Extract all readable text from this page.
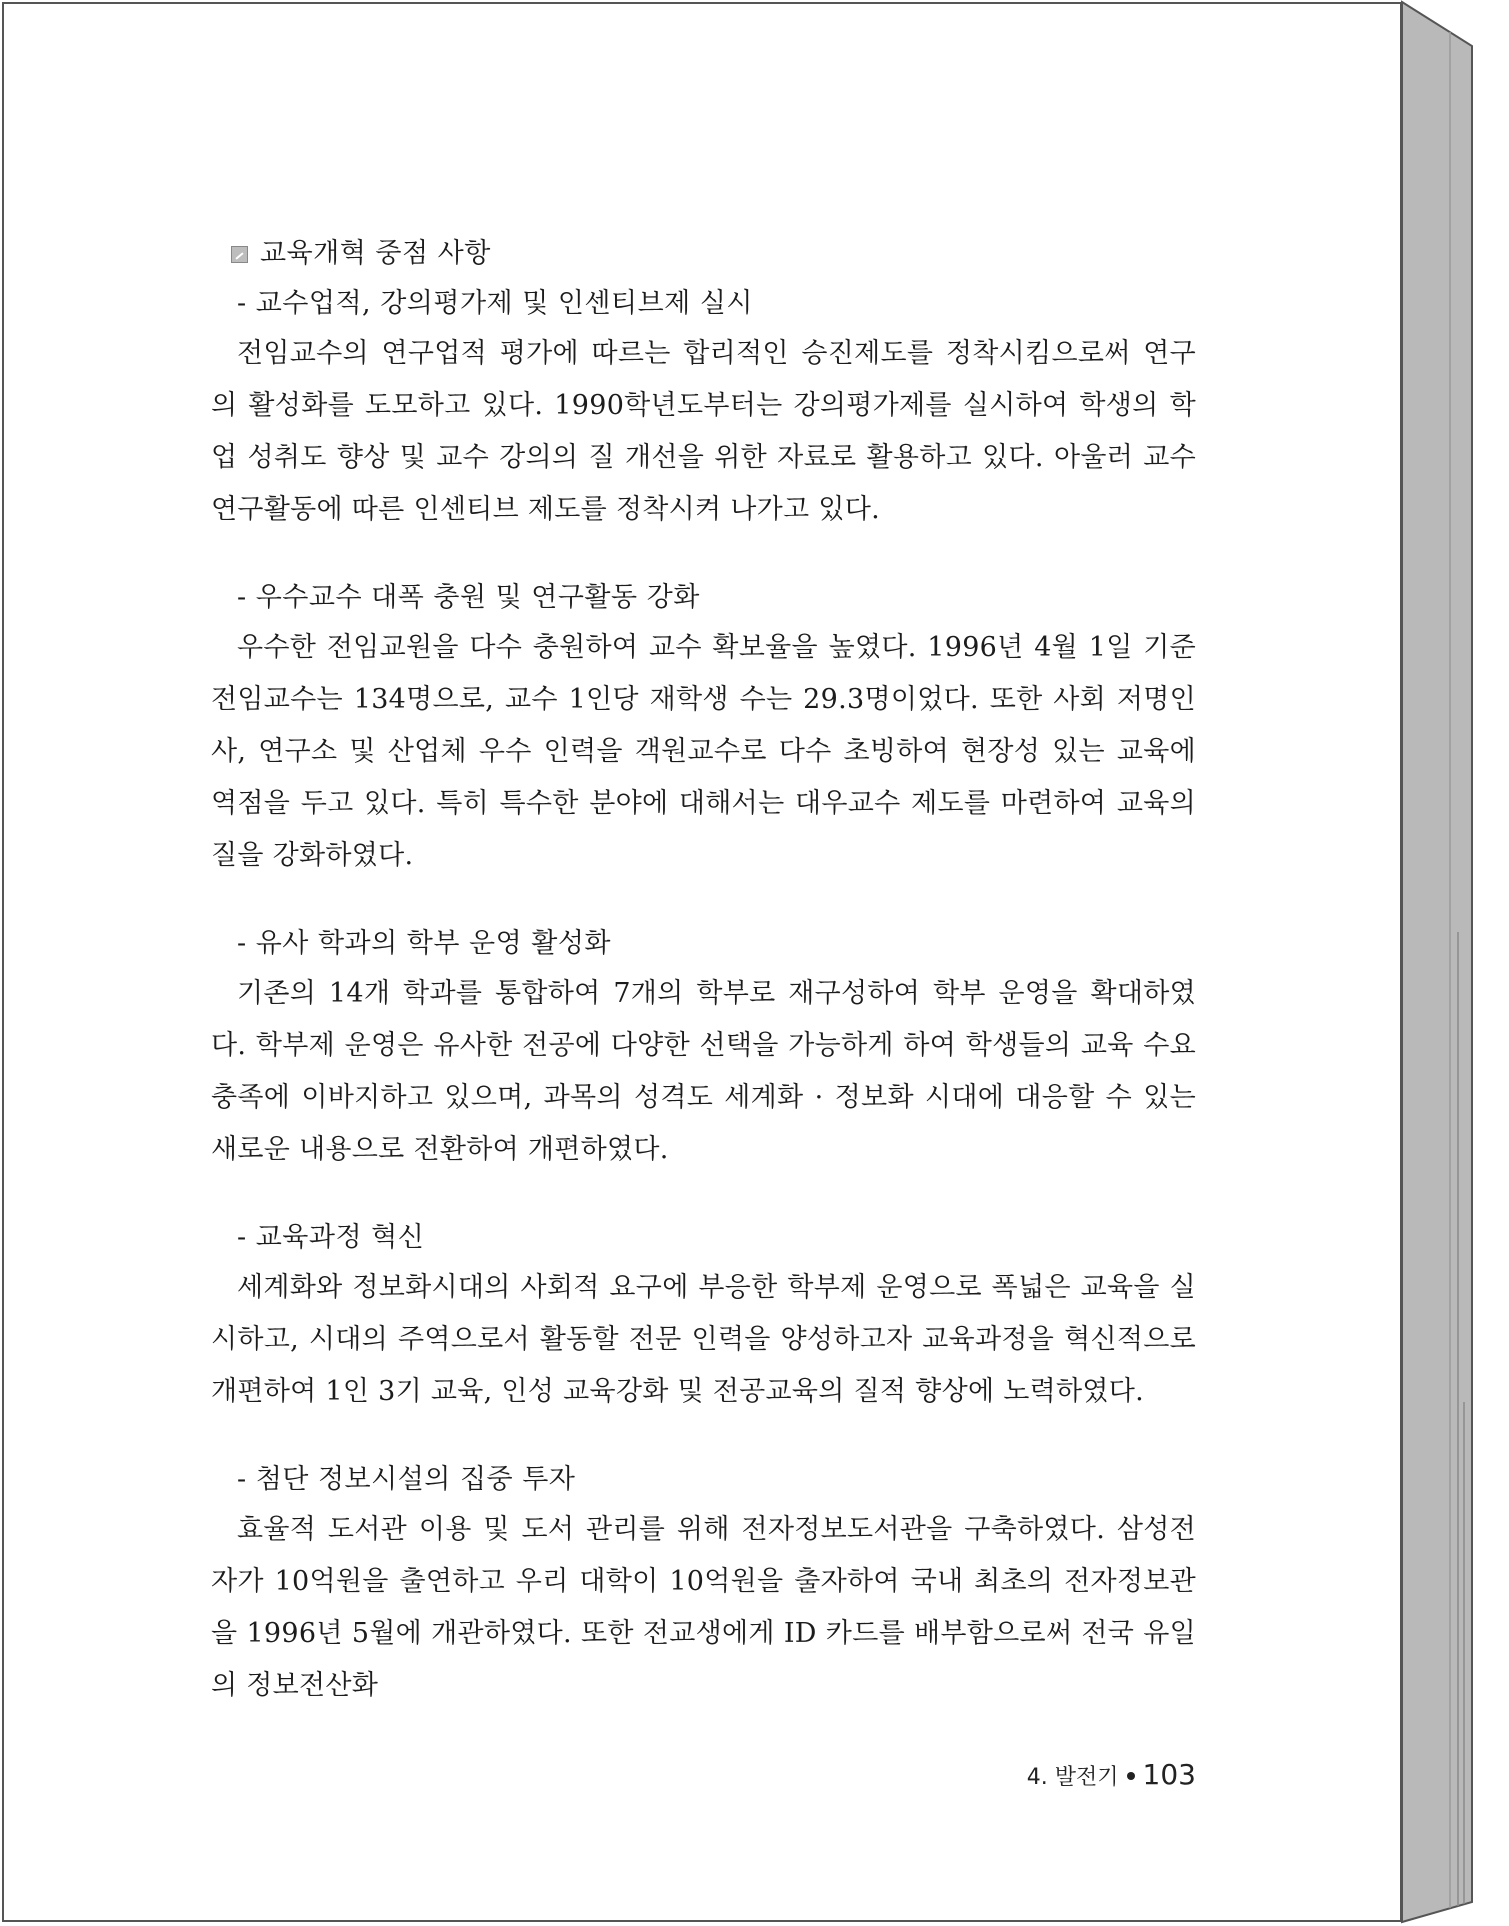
교육개혁 중점 사항

- 교수업적, 강의평가제 및 인센티브제 실시

전임교수의 연구업적 평가에 따르는 합리적인 승진제도를 정착시킴으로써 연구의 활성화를 도모하고 있다. 1990학년도부터는 강의평가제를 실시하여 학생의 학업 성취도 향상 및 교수 강의의 질 개선을 위한 자료로 활용하고 있다. 아울러 교수연구활동에 따른 인센티브 제도를 정착시켜 나가고 있다.

- 우수교수 대폭 충원 및 연구활동 강화

우수한 전임교원을 다수 충원하여 교수 확보율을 높였다. 1996년 4월 1일 기준 전임교수는 134명으로, 교수 1인당 재학생 수는 29.3명이었다. 또한 사회 저명인사, 연구소 및 산업체 우수 인력을 객원교수로 다수 초빙하여 현장성 있는 교육에 역점을 두고 있다. 특히 특수한 분야에 대해서는 대우교수 제도를 마련하여 교육의 질을 강화하였다.

- 유사 학과의 학부 운영 활성화

기존의 14개 학과를 통합하여 7개의 학부로 재구성하여 학부 운영을 확대하였다. 학부제 운영은 유사한 전공에 다양한 선택을 가능하게 하여 학생들의 교육 수요 충족에 이바지하고 있으며, 과목의 성격도 세계화 · 정보화 시대에 대응할 수 있는 새로운 내용으로 전환하여 개편하였다.

- 교육과정 혁신

세계화와 정보화시대의 사회적 요구에 부응한 학부제 운영으로 폭넓은 교육을 실시하고, 시대의 주역으로서 활동할 전문 인력을 양성하고자 교육과정을 혁신적으로 개편하여 1인 3기 교육, 인성 교육강화 및 전공교육의 질적 향상에 노력하였다.

- 첨단 정보시설의 집중 투자

효율적 도서관 이용 및 도서 관리를 위해 전자정보도서관을 구축하였다. 삼성전자가 10억원을 출연하고 우리 대학이 10억원을 출자하여 국내 최초의 전자정보관을 1996년 5월에 개관하였다. 또한 전교생에게 ID 카드를 배부함으로써 전국 유일의 정보전산화

4. 발전기 103
